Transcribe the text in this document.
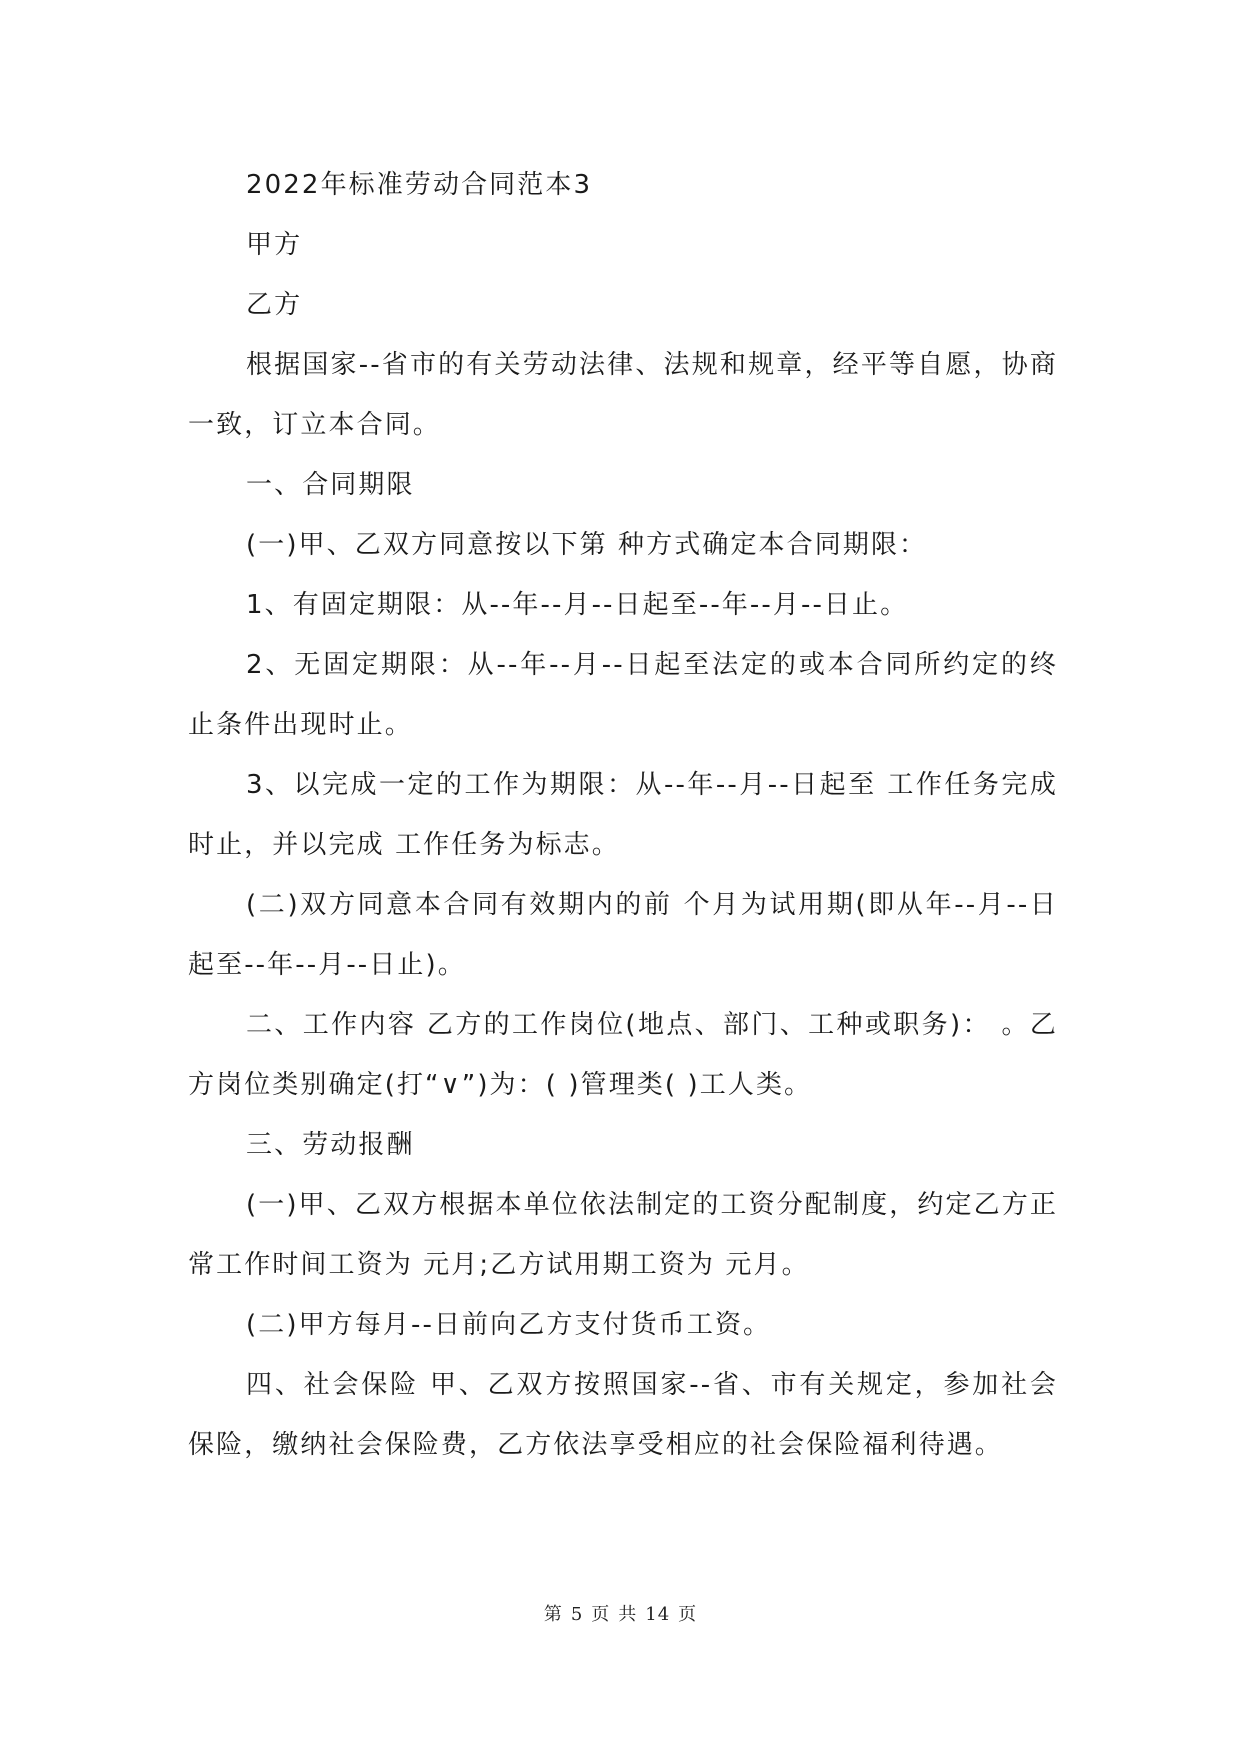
2022年标准劳动合同范本3

甲方

乙方

根据国家--省市的有关劳动法律、法规和规章，经平等自愿，协商一致，订立本合同。

一、合同期限

(一)甲、乙双方同意按以下第 种方式确定本合同期限：

1、有固定期限：从--年--月--日起至--年--月--日止。

2、无固定期限：从--年--月--日起至法定的或本合同所约定的终止条件出现时止。

3、以完成一定的工作为期限：从--年--月--日起至 工作任务完成时止，并以完成 工作任务为标志。

(二)双方同意本合同有效期内的前 个月为试用期(即从年--月--日起至--年--月--日止)。

二、工作内容 乙方的工作岗位(地点、部门、工种或职务)： 。乙方岗位类别确定(打“∨”)为：( )管理类( )工人类。

三、劳动报酬

(一)甲、乙双方根据本单位依法制定的工资分配制度，约定乙方正常工作时间工资为 元月;乙方试用期工资为 元月。

(二)甲方每月--日前向乙方支付货币工资。

四、社会保险 甲、乙双方按照国家--省、市有关规定，参加社会保险，缴纳社会保险费，乙方依法享受相应的社会保险福利待遇。

第 5 页 共 14 页
